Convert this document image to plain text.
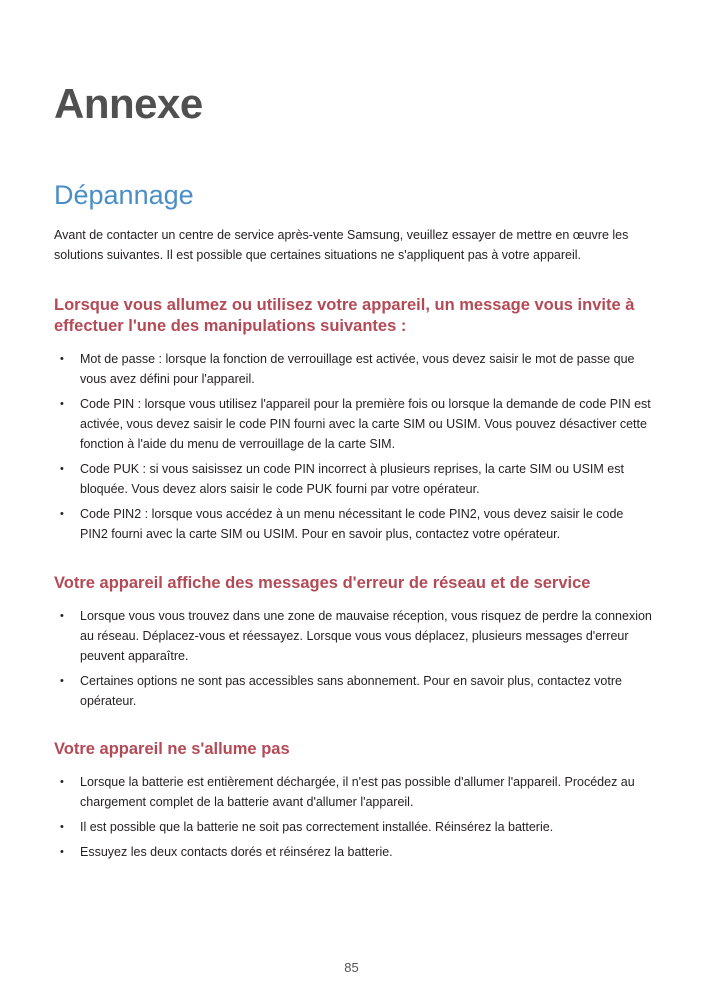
Annexe
Dépannage

Avant de contacter un centre de service après-vente Samsung, veuillez essayer de mettre en œuvre les solutions suivantes. Il est possible que certaines situations ne s'appliquent pas à votre appareil.

Lorsque vous allumez ou utilisez votre appareil, un message vous invite à effectuer l'une des manipulations suivantes :
• Mot de passe : lorsque la fonction de verrouillage est activée, vous devez saisir le mot de passe que vous avez défini pour l'appareil.
• Code PIN : lorsque vous utilisez l'appareil pour la première fois ou lorsque la demande de code PIN est activée, vous devez saisir le code PIN fourni avec la carte SIM ou USIM. Vous pouvez désactiver cette fonction à l'aide du menu de verrouillage de la carte SIM.
• Code PUK : si vous saisissez un code PIN incorrect à plusieurs reprises, la carte SIM ou USIM est bloquée. Vous devez alors saisir le code PUK fourni par votre opérateur.
• Code PIN2 : lorsque vous accédez à un menu nécessitant le code PIN2, vous devez saisir le code PIN2 fourni avec la carte SIM ou USIM. Pour en savoir plus, contactez votre opérateur.
Votre appareil affiche des messages d'erreur de réseau et de service
• Lorsque vous vous trouvez dans une zone de mauvaise réception, vous risquez de perdre la connexion au réseau. Déplacez-vous et réessayez. Lorsque vous vous déplacez, plusieurs messages d'erreur peuvent apparaître.
• Certaines options ne sont pas accessibles sans abonnement. Pour en savoir plus, contactez votre opérateur.
Votre appareil ne s'allume pas
• Lorsque la batterie est entièrement déchargée, il n'est pas possible d'allumer l'appareil. Procédez au chargement complet de la batterie avant d'allumer l'appareil.
• Il est possible que la batterie ne soit pas correctement installée. Réinsérez la batterie.
• Essuyez les deux contacts dorés et réinsérez la batterie.
85
